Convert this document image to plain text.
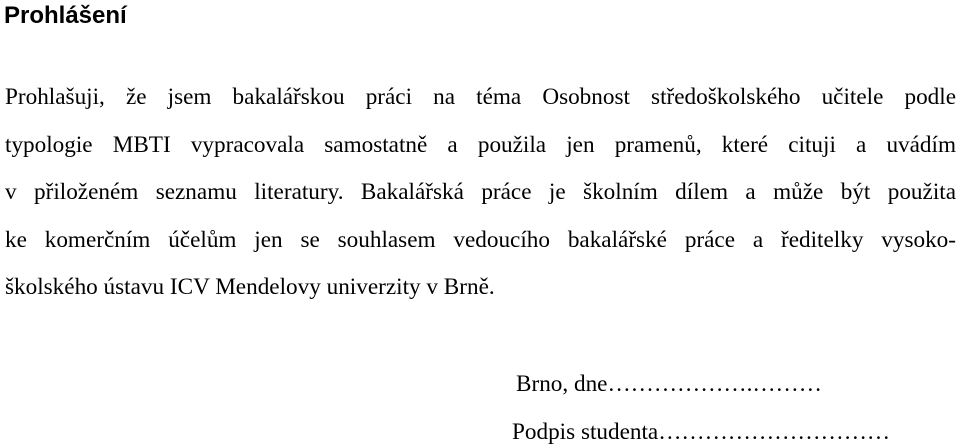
Prohlášení

Prohlašuji, že jsem bakalářskou práci na téma Osobnost středoškolského učitele podle

typologie MBTI vypracovala samostatně a použila jen pramenů, které cituji a uvádím

v přiloženém seznamu literatury. Bakalářská práce je školním dílem a může být použita

ke komerčním účelům jen se souhlasem vedoucího bakalářské práce a ředitelky vysoko-

školského ústavu ICV Mendelovy univerzity v Brně.

Brno, dne……………….………
Podpis studenta…………………………
